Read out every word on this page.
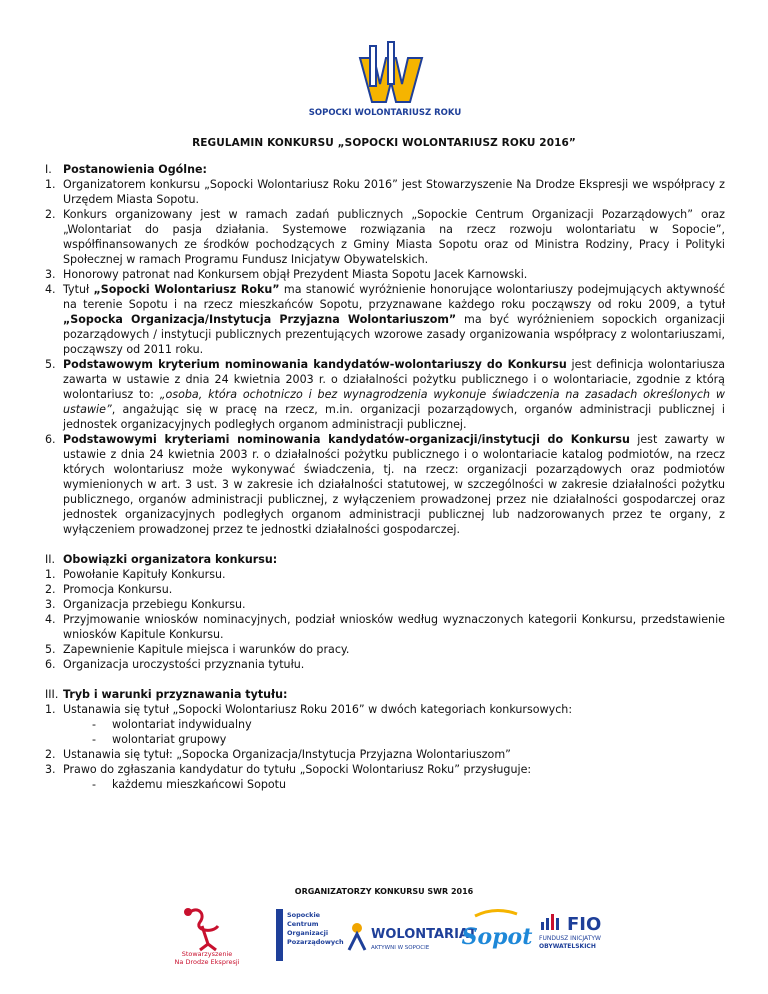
SOPOCKI WOLONTARIUSZ ROKU
REGULAMIN KONKURSU „SOPOCKI WOLONTARIUSZ ROKU 2016”
I.	Postanowienia Ogólne:
1. Organizatorem konkursu „Sopocki Wolontariusz Roku 2016” jest Stowarzyszenie Na Drodze Ekspresji we współpracy z Urzędem Miasta Sopotu.
2. Konkurs organizowany jest w ramach zadań publicznych „Sopockie Centrum Organizacji Pozarządowych” oraz „Wolontariat do pasja działania. Systemowe rozwiązania na rzecz rozwoju wolontariatu w Sopocie”, współfinansowanych ze środków pochodzących z Gminy Miasta Sopotu oraz od Ministra Rodziny, Pracy i Polityki Społecznej w ramach Programu Fundusz Inicjatyw Obywatelskich.
3. Honorowy patronat nad Konkursem objął Prezydent Miasta Sopotu Jacek Karnowski.
4. Tytuł „Sopocki Wolontariusz Roku” ma stanowić wyróżnienie honorujące wolontariuszy podejmujących aktywność na terenie Sopotu i na rzecz mieszkańców Sopotu, przyznawane każdego roku począwszy od roku 2009, a tytuł „Sopocka Organizacja/Instytucja Przyjazna Wolontariuszom” ma być wyróżnieniem sopockich organizacji pozarządowych / instytucji publicznych prezentujących wzorowe zasady organizowania współpracy z wolontariuszami, począwszy od 2011 roku.
5. Podstawowym kryterium nominowania kandydatów-wolontariuszy do Konkursu jest definicja wolontariusza zawarta w ustawie z dnia 24 kwietnia 2003 r. o działalności pożytku publicznego i o wolontariacie, zgodnie z którą wolontariusz to: „osoba, która ochotniczo i bez wynagrodzenia wykonuje świadczenia na zasadach określonych w ustawie”, angażując się w pracę na rzecz, m.in. organizacji pozarządowych, organów administracji publicznej i jednostek organizacyjnych podległych organom administracji publicznej.
6. Podstawowymi kryteriami nominowania kandydatów-organizacji/instytucji do Konkursu jest zawarty w ustawie z dnia 24 kwietnia 2003 r. o działalności pożytku publicznego i o wolontariacie katalog podmiotów, na rzecz których wolontariusz może wykonywać świadczenia, tj. na rzecz: organizacji pozarządowych oraz podmiotów wymienionych w art. 3 ust. 3 w zakresie ich działalności statutowej, w szczególności w zakresie działalności pożytku publicznego, organów administracji publicznej, z wyłączeniem prowadzonej przez nie działalności gospodarczej oraz jednostek organizacyjnych podległych organom administracji publicznej lub nadzorowanych przez te organy, z wyłączeniem prowadzonej przez te jednostki działalności gospodarczej.
II. Obowiązki organizatora konkursu:
1. Powołanie Kapituły Konkursu.
2. Promocja Konkursu.
3. Organizacja przebiegu Konkursu.
4. Przyjmowanie wniosków nominacyjnych, podział wniosków według wyznaczonych kategorii Konkursu, przedstawienie wniosków Kapitule Konkursu.
5. Zapewnienie Kapitule miejsca i warunków do pracy.
6. Organizacja uroczystości przyznania tytułu.
III. Tryb i warunki przyznawania tytułu:
1. Ustanawia się tytuł „Sopocki Wolontariusz Roku 2016” w dwóch kategoriach konkursowych:
-	wolontariat indywidualny
-	wolontariat grupowy
2. Ustanawia się tytuł: „Sopocka Organizacja/Instytucja Przyjazna Wolontariuszom”
3. Prawo do zgłaszania kandydatur do tytułu „Sopocki Wolontariusz Roku” przysługuje:
-	każdemu mieszkańcowi Sopotu
ORGANIZATORZY KONKURSU SWR 2016
Stowarzyszenie
Na Drodze Ekspresji
Sopockie
Centrum
Organizacji
Pozarządowych WOLONTARIAT
AKTYWNI W SOPOCIE Sopot FIO
FUNDUSZ INICJATYW
OBYWATELSKICH
